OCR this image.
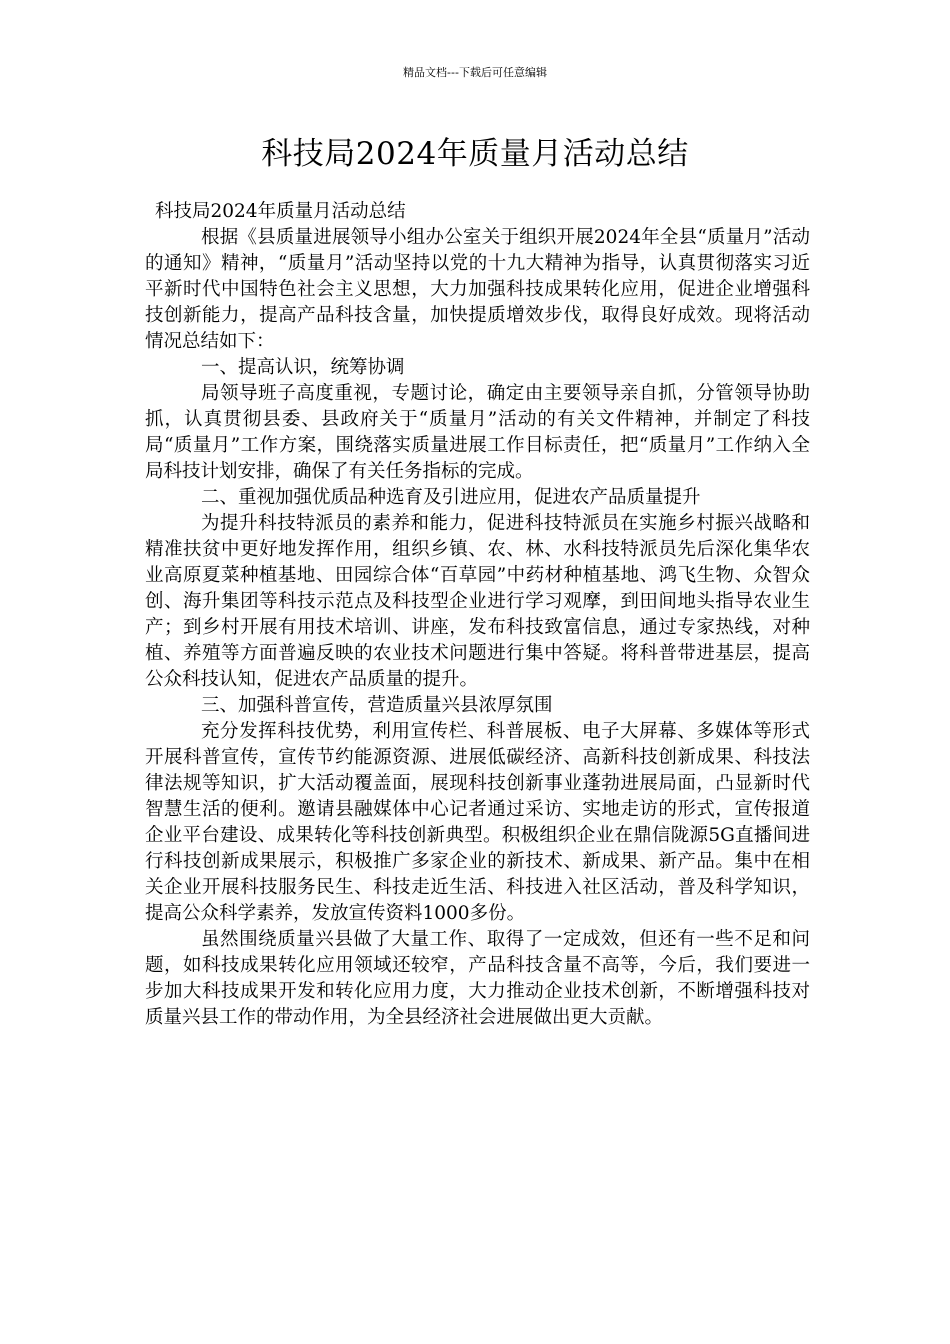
精品文档---下载后可任意编辑
科技局2024年质量月活动总结

科技局2024年质量月活动总结

根据《县质量进展领导小组办公室关于组织开展2024年全县“质量月”活动的通知》精神，“质量月”活动坚持以党的十九大精神为指导，认真贯彻落实习近平新时代中国特色社会主义思想，大力加强科技成果转化应用，促进企业增强科技创新能力，提高产品科技含量，加快提质增效步伐，取得良好成效。现将活动情况总结如下：

一、提高认识，统筹协调

局领导班子高度重视，专题讨论，确定由主要领导亲自抓，分管领导协助抓，认真贯彻县委、县政府关于“质量月”活动的有关文件精神，并制定了科技局“质量月”工作方案，围绕落实质量进展工作目标责任，把“质量月”工作纳入全局科技计划安排，确保了有关任务指标的完成。

二、重视加强优质品种选育及引进应用，促进农产品质量提升

为提升科技特派员的素养和能力，促进科技特派员在实施乡村振兴战略和精准扶贫中更好地发挥作用，组织乡镇、农、林、水科技特派员先后深化集华农业高原夏菜种植基地、田园综合体“百草园”中药材种植基地、鸿飞生物、众智众创、海升集团等科技示范点及科技型企业进行学习观摩，到田间地头指导农业生产；到乡村开展有用技术培训、讲座，发布科技致富信息，通过专家热线，对种植、养殖等方面普遍反映的农业技术问题进行集中答疑。将科普带进基层，提高公众科技认知，促进农产品质量的提升。

三、加强科普宣传，营造质量兴县浓厚氛围

充分发挥科技优势，利用宣传栏、科普展板、电子大屏幕、多媒体等形式开展科普宣传，宣传节约能源资源、进展低碳经济、高新科技创新成果、科技法律法规等知识，扩大活动覆盖面，展现科技创新事业蓬勃进展局面，凸显新时代智慧生活的便利。邀请县融媒体中心记者通过采访、实地走访的形式，宣传报道企业平台建设、成果转化等科技创新典型。积极组织企业在鼎信陇源5G直播间进行科技创新成果展示，积极推广多家企业的新技术、新成果、新产品。集中在相关企业开展科技服务民生、科技走近生活、科技进入社区活动，普及科学知识，提高公众科学素养，发放宣传资料1000多份。

虽然围绕质量兴县做了大量工作、取得了一定成效，但还有一些不足和问题，如科技成果转化应用领域还较窄，产品科技含量不高等，今后，我们要进一步加大科技成果开发和转化应用力度，大力推动企业技术创新，不断增强科技对质量兴县工作的带动作用，为全县经济社会进展做出更大贡献。
